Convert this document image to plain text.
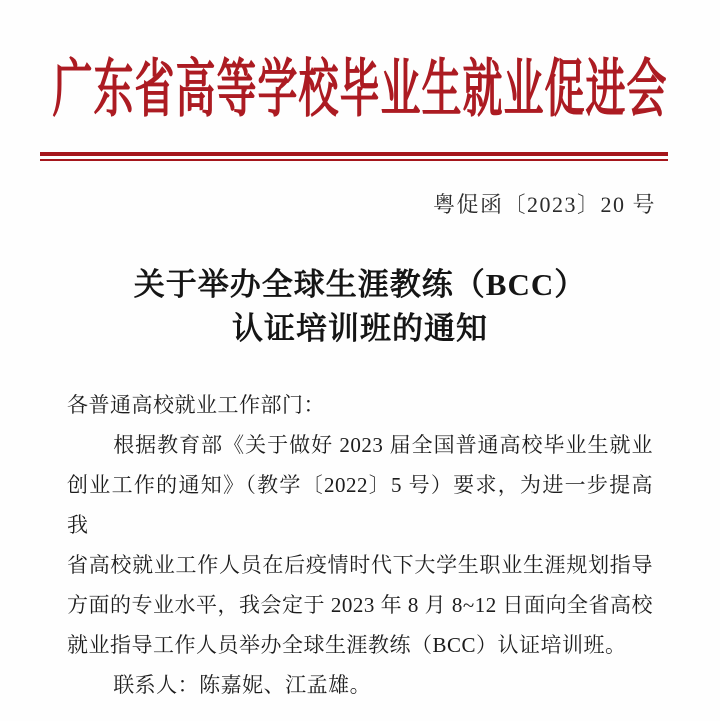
广东省高等学校毕业生就业促进会
粤促函〔2023〕20 号
关于举办全球生涯教练（BCC）
认证培训班的通知

各普通高校就业工作部门：

根据教育部《关于做好 2023 届全国普通高校毕业生就业

创业工作的通知》（教学〔2022〕5 号）要求，为进一步提高我

省高校就业工作人员在后疫情时代下大学生职业生涯规划指导

方面的专业水平，我会定于 2023 年 8 月 8~12 日面向全省高校

就业指导工作人员举办全球生涯教练（BCC）认证培训班。

联系人：陈嘉妮、江孟雄。
